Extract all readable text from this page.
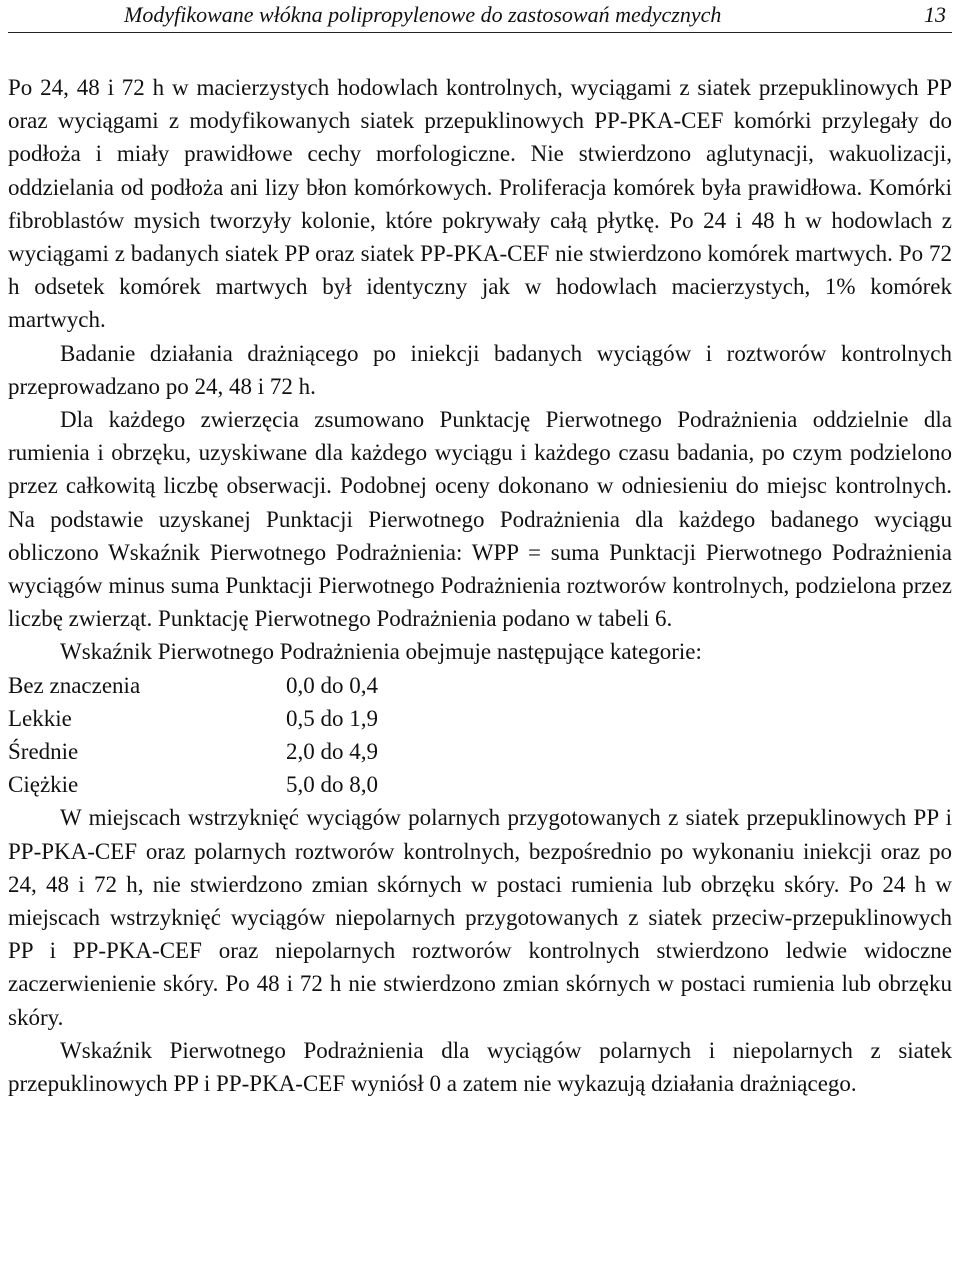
Modyfikowane włókna polipropylenowe do zastosowań medycznych	13

Po 24, 48 i 72 h w macierzystych hodowlach kontrolnych, wyciągami z siatek przepuklinowych PP oraz wyciągami z modyfikowanych siatek przepuklinowych PP-PKA-CEF komórki przylegały do podłoża i miały prawidłowe cechy morfologiczne. Nie stwierdzono aglutynacji, wakuolizacji, oddzielania od podłoża ani lizy błon komórkowych. Proliferacja komórek była prawidłowa. Komórki fibroblastów mysich tworzyły kolonie, które pokrywały całą płytkę. Po 24 i 48 h w hodowlach z wyciągami z badanych siatek PP oraz siatek PP-PKA-CEF nie stwierdzono komórek martwych. Po 72 h odsetek komórek martwych był identyczny jak w hodowlach macierzystych, 1% komórek martwych.

Badanie działania drażniącego po iniekcji badanych wyciągów i roztworów kontrolnych przeprowadzano po 24, 48 i 72 h.

Dla każdego zwierzęcia zsumowano Punktację Pierwotnego Podrażnienia oddzielnie dla rumienia i obrzęku, uzyskiwane dla każdego wyciągu i każdego czasu badania, po czym podzielono przez całkowitą liczbę obserwacji. Podobnej oceny dokonano w odniesieniu do miejsc kontrolnych. Na podstawie uzyskanej Punktacji Pierwotnego Podrażnienia dla każdego badanego wyciągu obliczono Wskaźnik Pierwotnego Podrażnienia: WPP = suma Punktacji Pierwotnego Podrażnienia wyciągów minus suma Punktacji Pierwotnego Podrażnienia roztworów kontrolnych, podzielona przez liczbę zwierząt. Punktację Pierwotnego Podrażnienia podano w tabeli 6.

Wskaźnik Pierwotnego Podrażnienia obejmuje następujące kategorie:

Bez znaczenia	0,0 do 0,4
Lekkie	0,5 do 1,9
Średnie	2,0 do 4,9
Ciężkie	5,0 do 8,0

W miejscach wstrzyknięć wyciągów polarnych przygotowanych z siatek przepuklinowych PP i PP-PKA-CEF oraz polarnych roztworów kontrolnych, bezpośrednio po wykonaniu iniekcji oraz po 24, 48 i 72 h, nie stwierdzono zmian skórnych w postaci rumienia lub obrzęku skóry. Po 24 h w miejscach wstrzyknięć wyciągów niepolarnych przygotowanych z siatek przeciw-przepuklinowych PP i PP-PKA-CEF oraz niepolarnych roztworów kontrolnych stwierdzono ledwie widoczne zaczerwienienie skóry. Po 48 i 72 h nie stwierdzono zmian skórnych w postaci rumienia lub obrzęku skóry.

Wskaźnik Pierwotnego Podrażnienia dla wyciągów polarnych i niepolarnych z siatek przepuklinowych PP i PP-PKA-CEF wyniósł 0 a zatem nie wykazują działania drażniącego.
